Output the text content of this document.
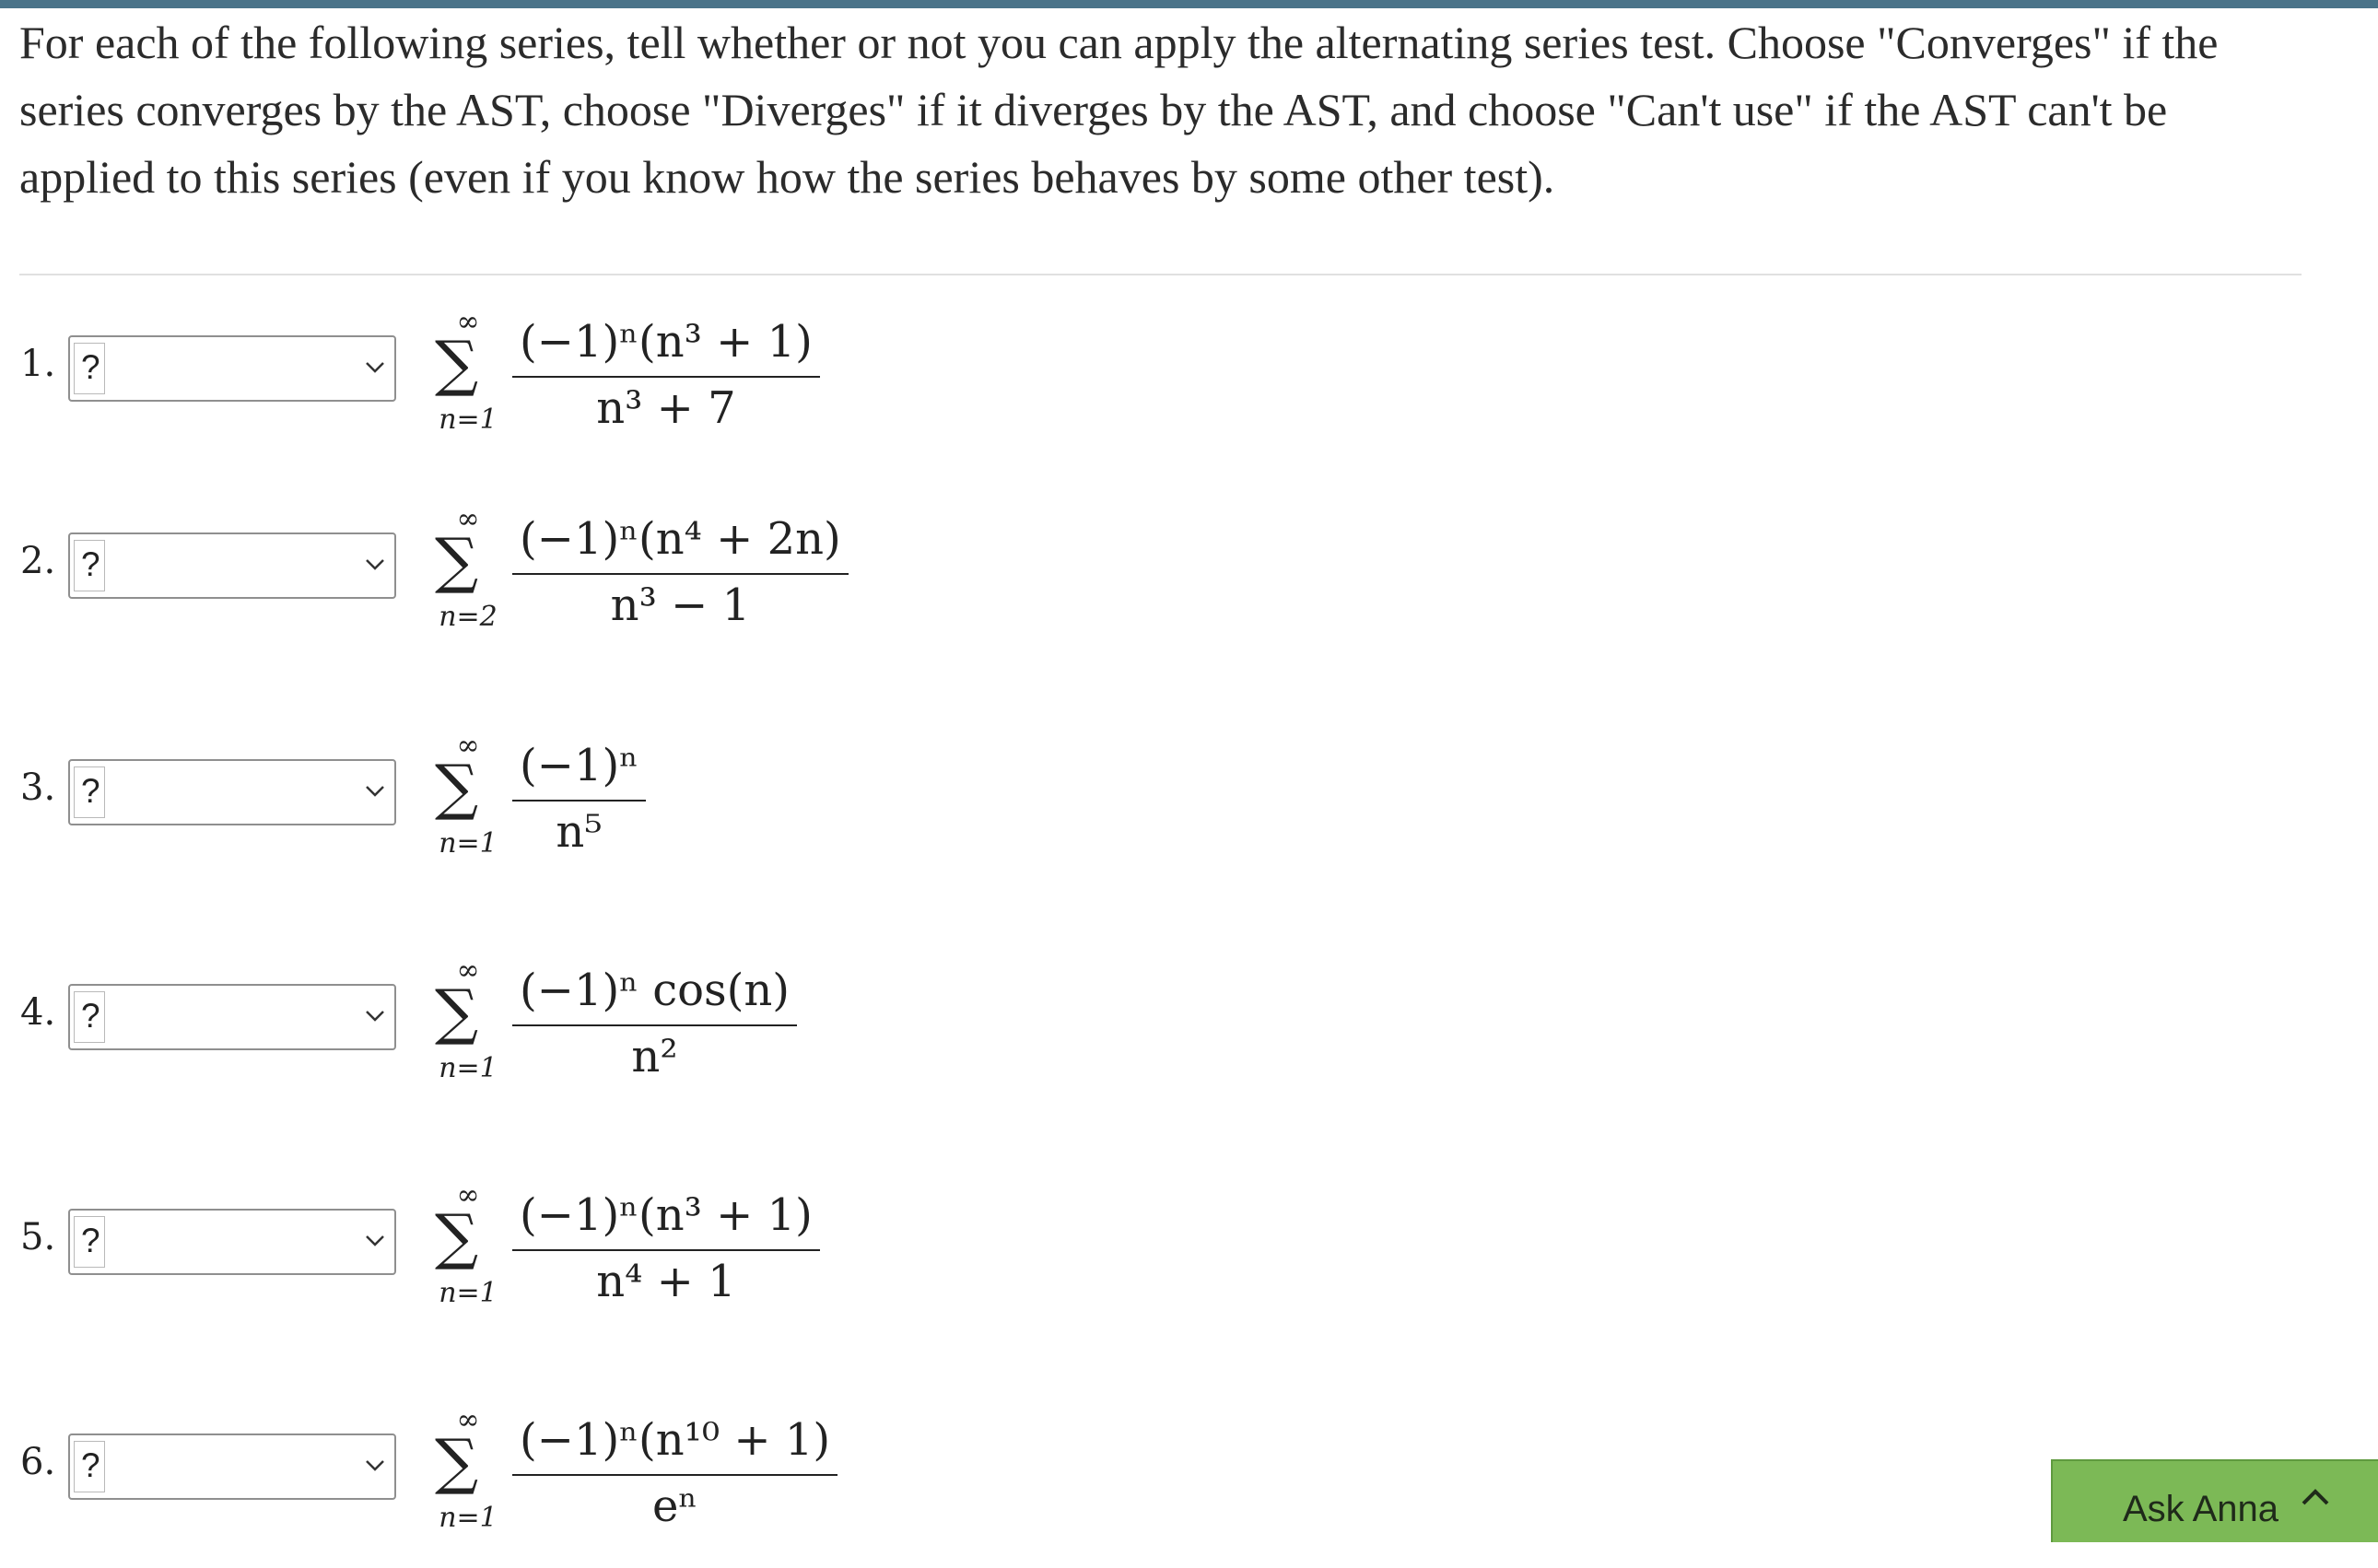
For each of the following series, tell whether or not you can apply the alternating series test. Choose "Converges" if the series converges by the AST, choose "Diverges" if it diverges by the AST, and choose "Can't use" if the AST can't be applied to this series (even if you know how the series behaves by some other test).
1. ?
∞
∑
n=1
(−1)ⁿ(n³ + 1)
n³ + 7
2. ?
∞
∑
n=2
(−1)ⁿ(n⁴ + 2n)
n³ − 1
3. ?
∞
∑
n=1
(−1)ⁿ
n⁵
4. ?
∞
∑
n=1
(−1)ⁿ cos(n)
n²
5. ?
∞
∑
n=1
(−1)ⁿ(n³ + 1)
n⁴ + 1
6. ?
∞
∑
n=1
(−1)ⁿ(n¹⁰ + 1)
eⁿ	Ask Anna
